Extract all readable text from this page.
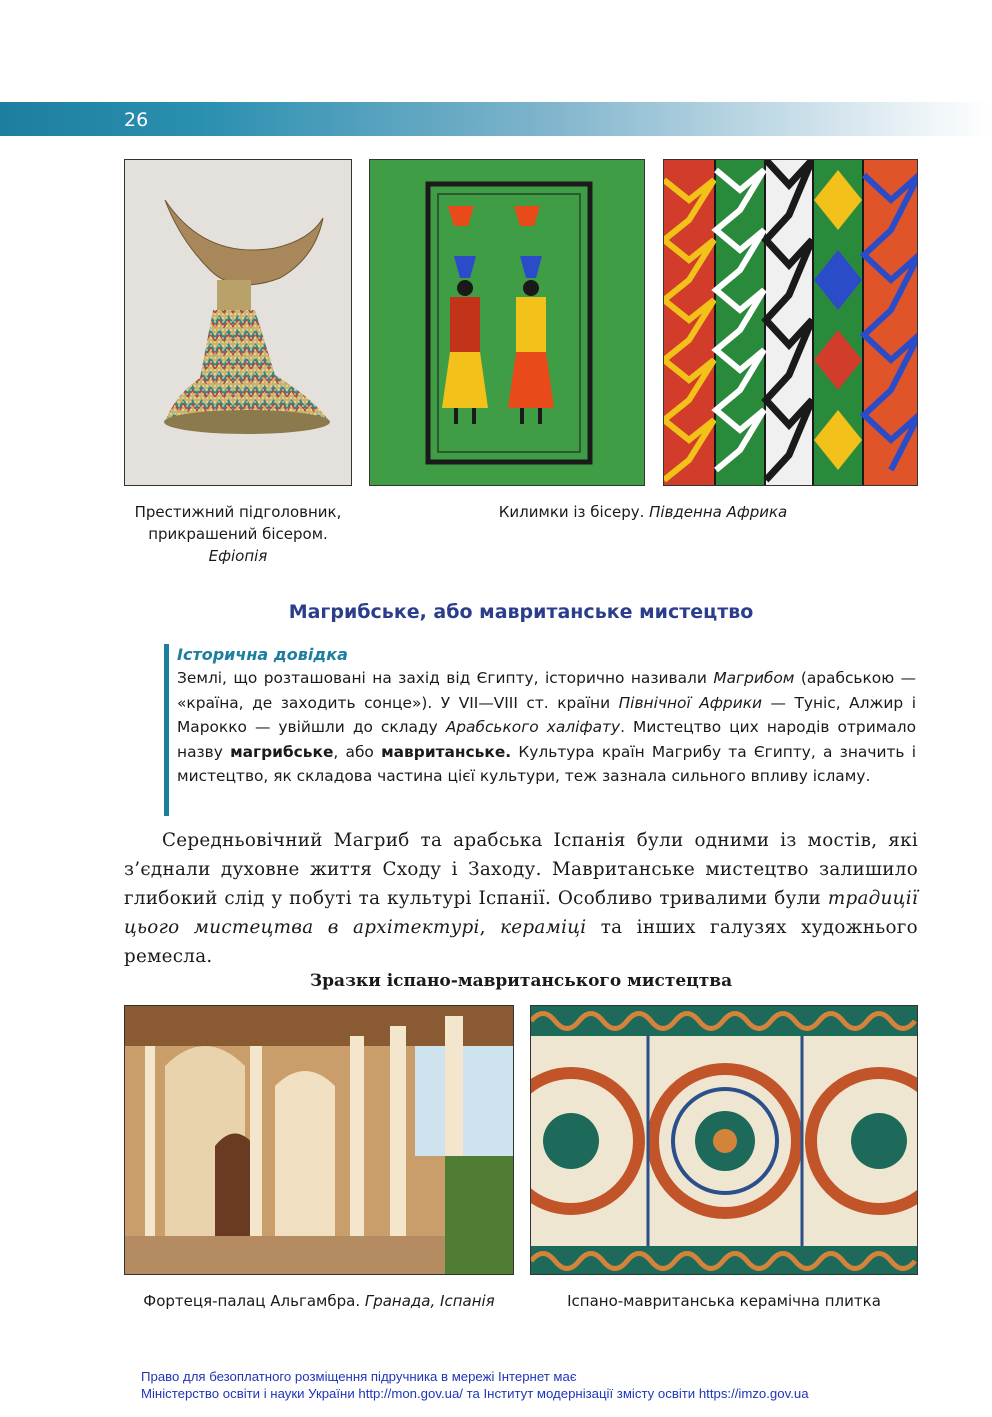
26
Престижний підголовник,
прикрашений бісером.
Ефіопія
Килимки із бісеру. Південна Африка
Магрибське, або мавританське мистецтво
Історична довідка
Землі, що розташовані на захід від Єгипту, історично називали Магрибом (арабською — «країна, де заходить сонце»). У VII—VIII ст. країни Північної Африки — Туніс, Алжир і Марокко — увійшли до складу Арабського халіфату. Мистецтво цих народів отримало назву магрибське, або мавританське. Культура країн Магрибу та Єгипту, а значить і мистецтво, як складова частина цієї культури, теж зазнала сильного впливу ісламу.
Середньовічний Магриб та арабська Іспанія були одними із мостів, які з’єднали духовне життя Сходу і Заходу. Мавританське мистецтво залишило глибокий слід у побуті та культурі Іспанії. Особливо тривалими були традиції цього мистецтва в архітектурі, кераміці та інших галузях художнього ремесла.
Зразки іспано-мавританського мистецтва
Фортеця-палац Альгамбра. Гранада, Іспанія	Іспано-мавританська керамічна плитка
Право для безоплатного розміщення підручника в мережі Інтернет має
Міністерство освіти і науки України http://mon.gov.ua/ та Інститут модернізації змісту освіти https://imzo.gov.ua
